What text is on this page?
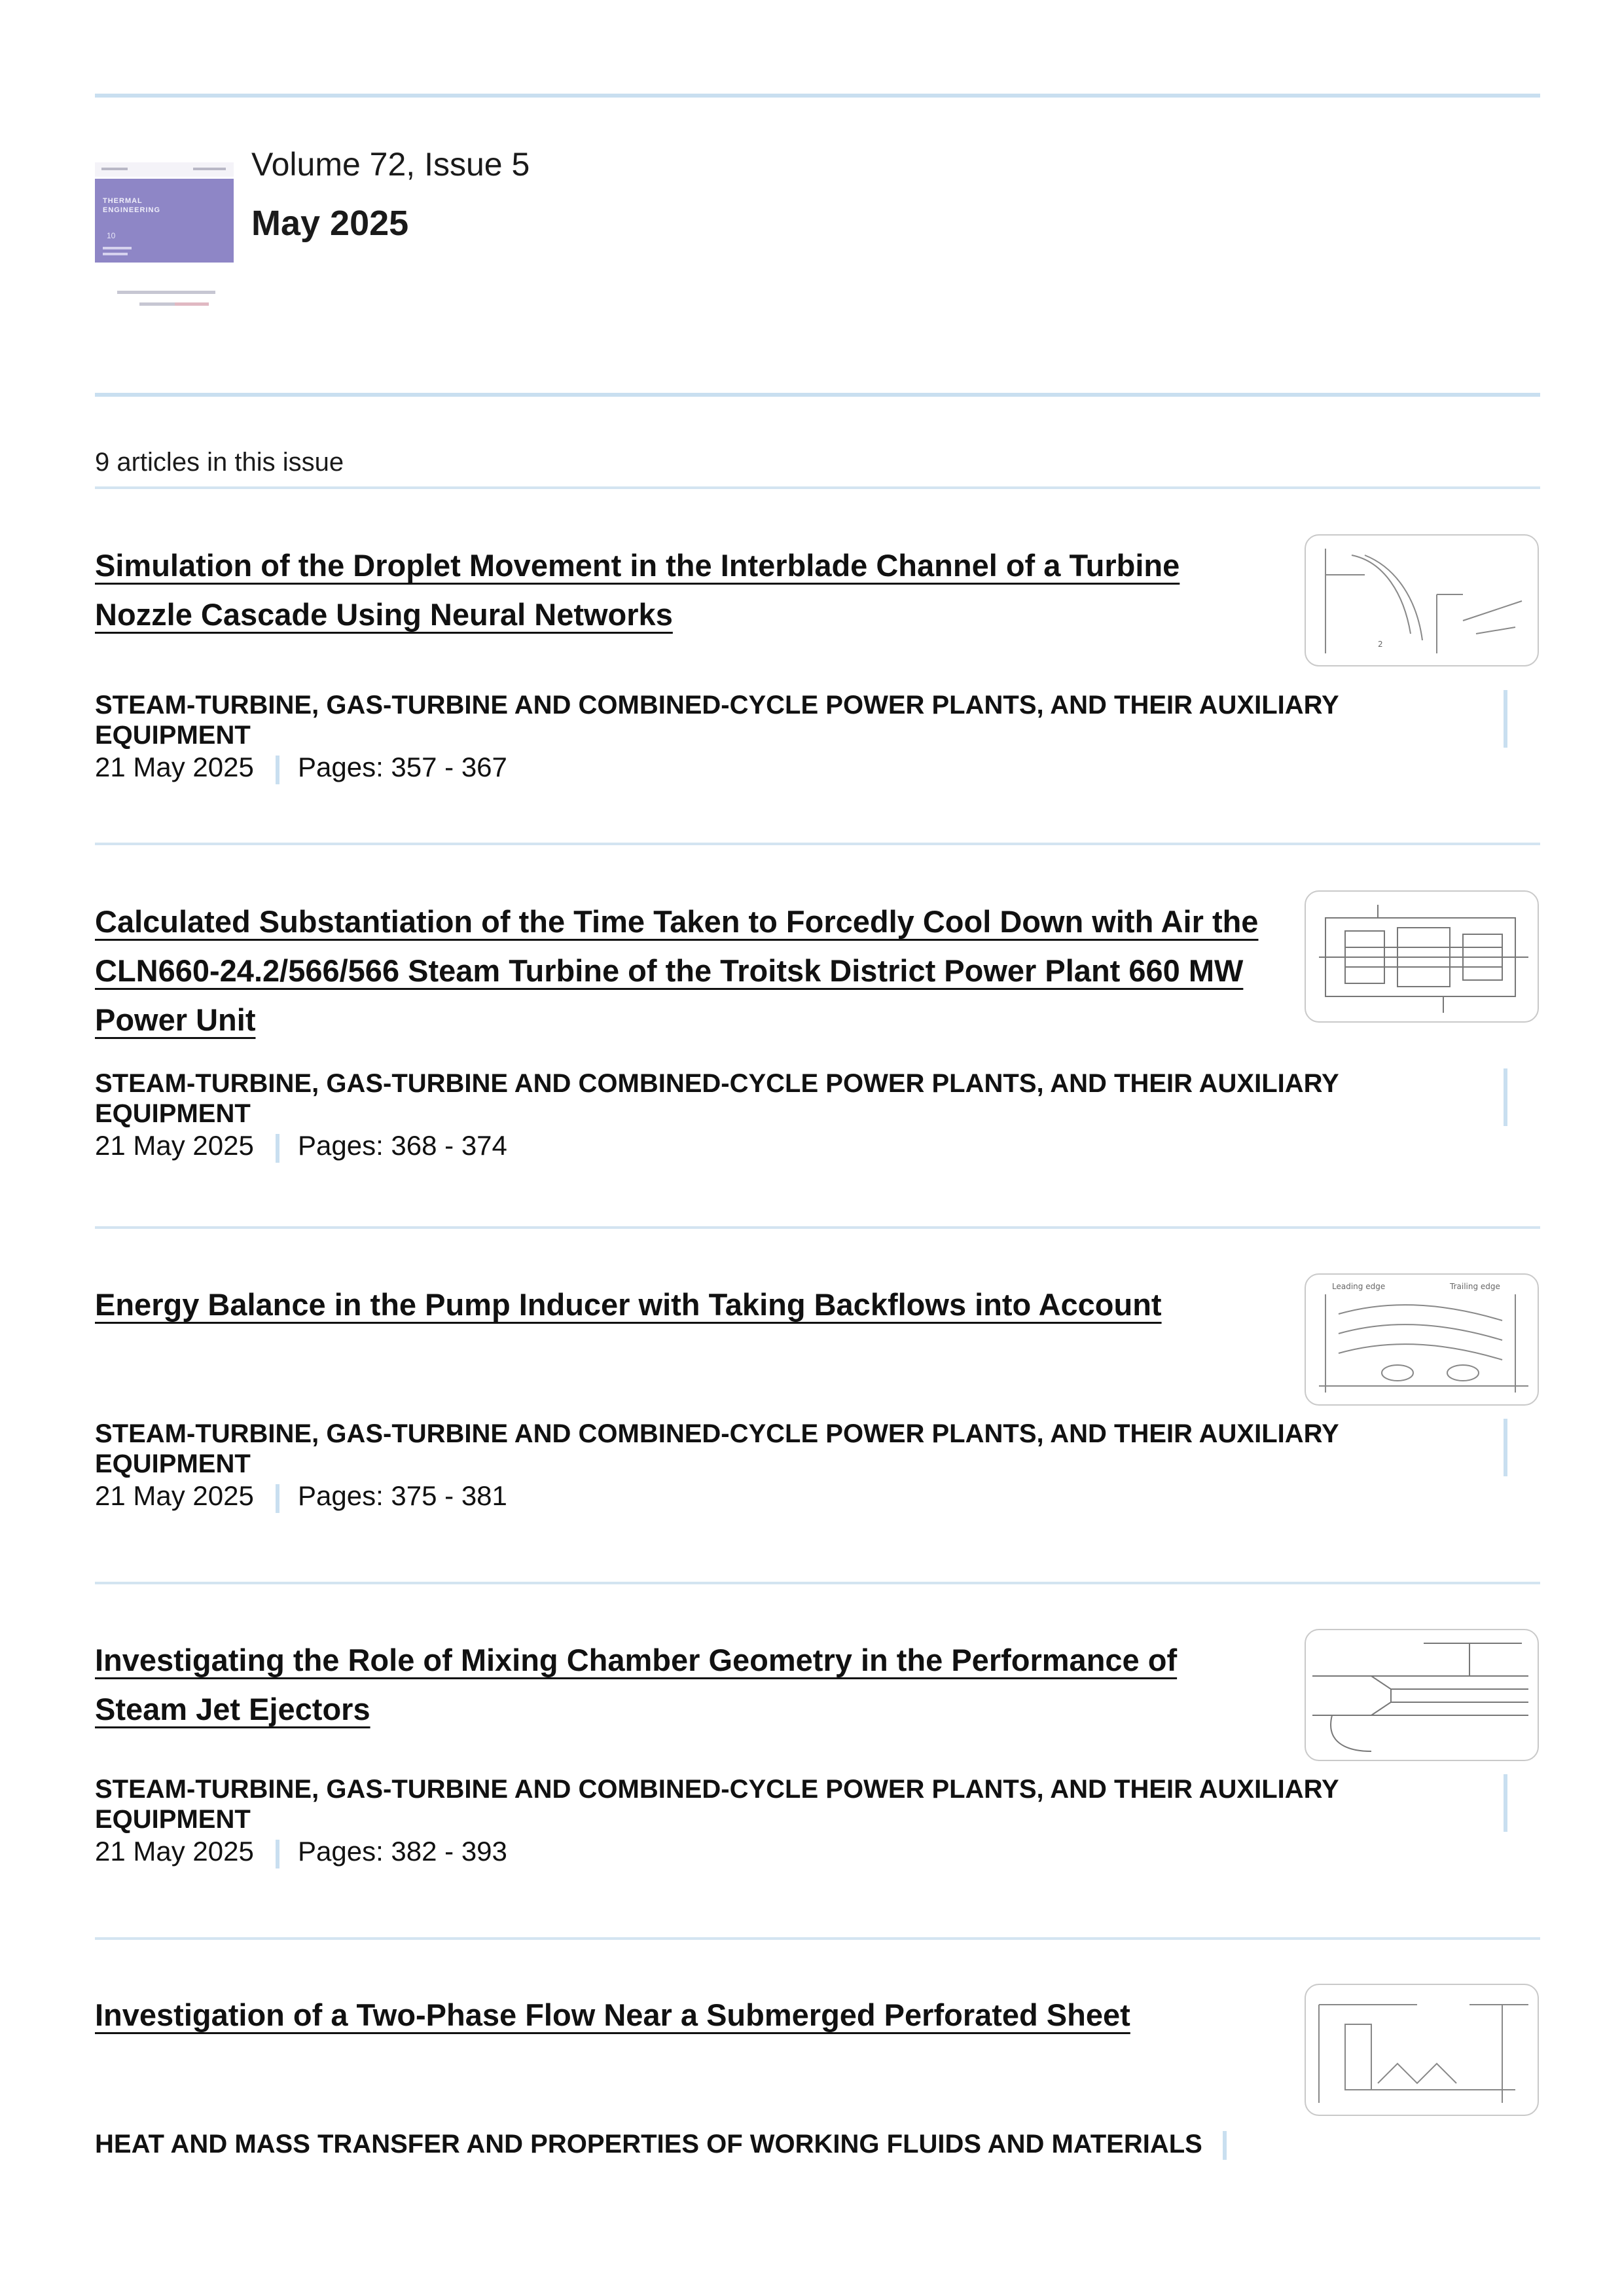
THERMAL
ENGINEERING
10
Volume 72, Issue 5
May 2025
9 articles in this issue
Simulation of the Droplet Movement in the Interblade Channel of a Turbine Nozzle Cascade Using Neural Networks
2
STEAM-TURBINE, GAS-TURBINE AND COMBINED-CYCLE POWER PLANTS, AND THEIR AUXILIARY EQUIPMENT
21 May 2025 Pages: 357 - 367
Calculated Substantiation of the Time Taken to Forcedly Cool Down with Air the CLN660-24.2/566/566 Steam Turbine of the Troitsk District Power Plant 660 MW Power Unit
STEAM-TURBINE, GAS-TURBINE AND COMBINED-CYCLE POWER PLANTS, AND THEIR AUXILIARY EQUIPMENT
21 May 2025 Pages: 368 - 374
Energy Balance in the Pump Inducer with Taking Backflows into Account
Leading edge	Trailing edge
STEAM-TURBINE, GAS-TURBINE AND COMBINED-CYCLE POWER PLANTS, AND THEIR AUXILIARY EQUIPMENT
21 May 2025 Pages: 375 - 381
Investigating the Role of Mixing Chamber Geometry in the Performance of Steam Jet Ejectors
STEAM-TURBINE, GAS-TURBINE AND COMBINED-CYCLE POWER PLANTS, AND THEIR AUXILIARY EQUIPMENT
21 May 2025 Pages: 382 - 393
Investigation of a Two-Phase Flow Near a Submerged Perforated Sheet
HEAT AND MASS TRANSFER AND PROPERTIES OF WORKING FLUIDS AND MATERIALS
